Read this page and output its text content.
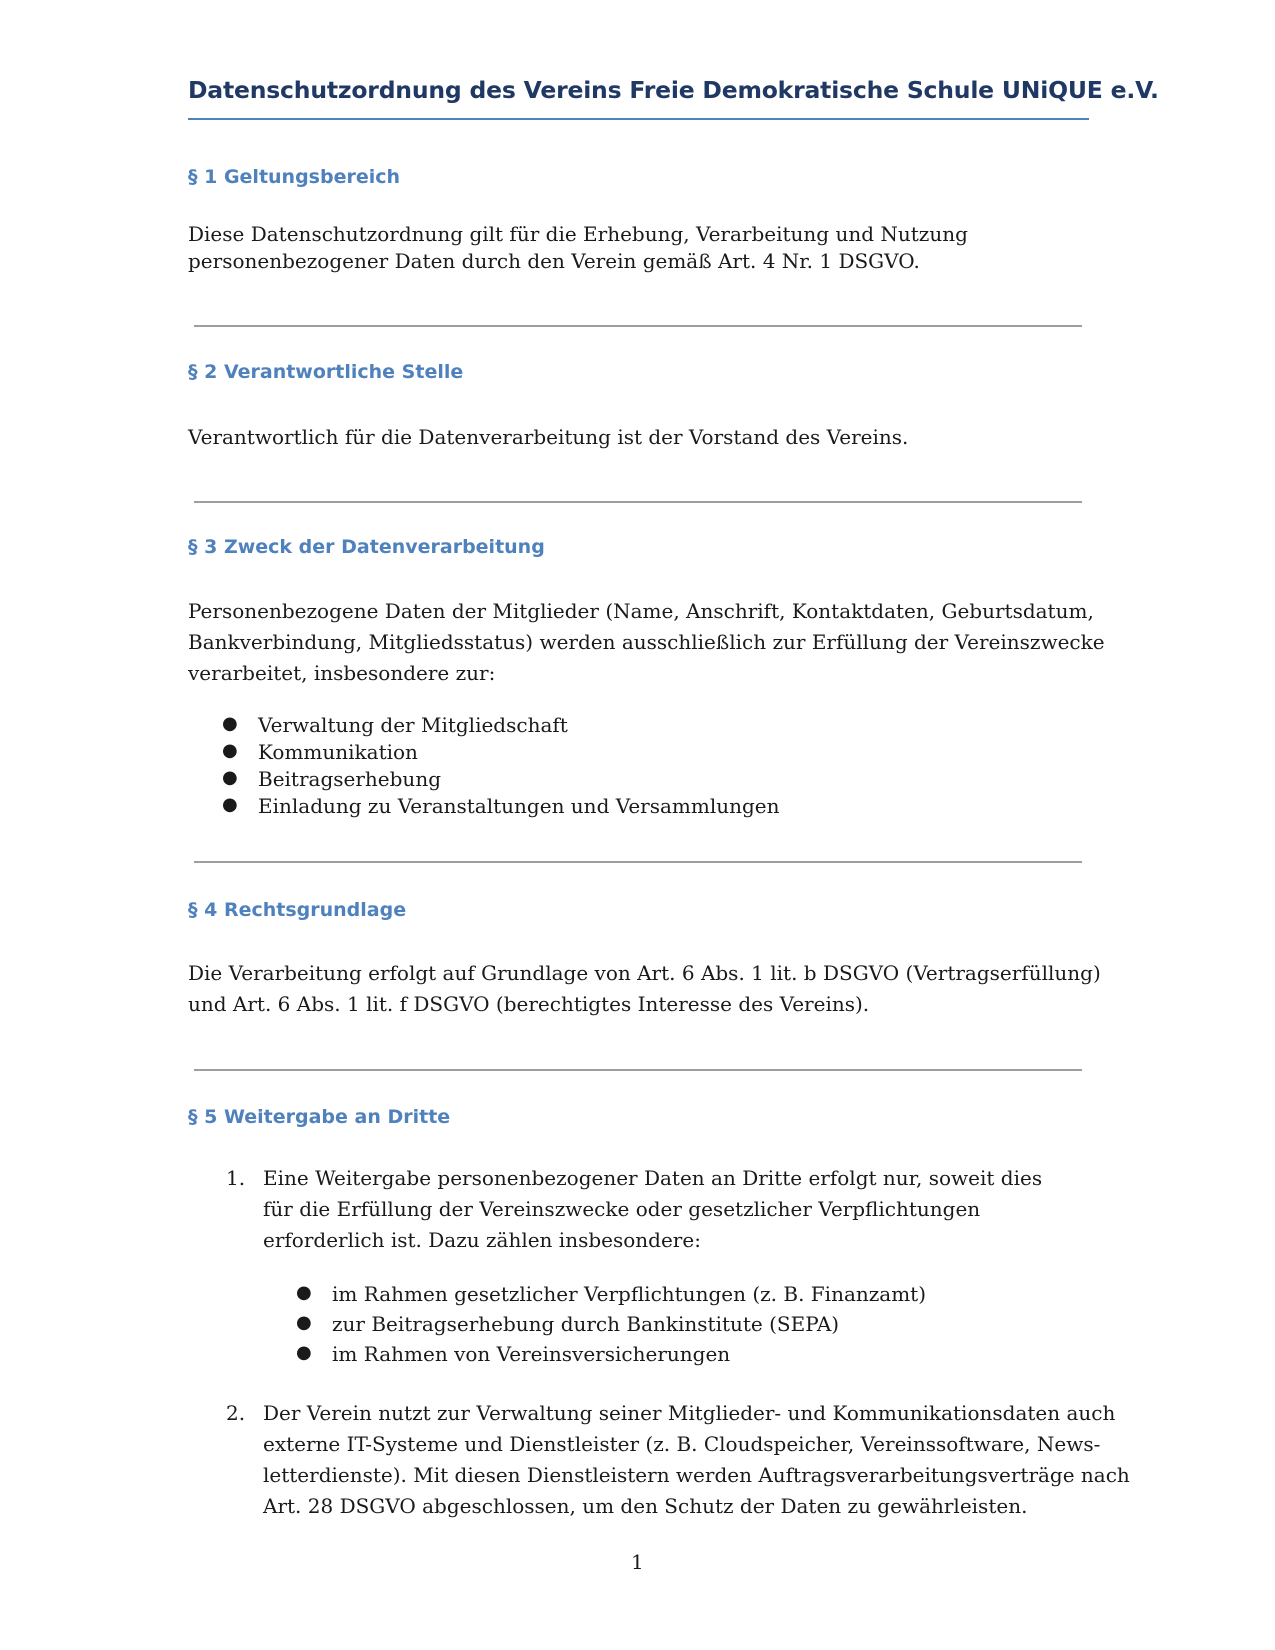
Datenschutzordnung des Vereins Freie Demokratische Schule UNiQUE e.V.
§ 1 Geltungsbereich
Diese Datenschutzordnung gilt für die Erhebung, Verarbeitung und Nutzung
personenbezogener Daten durch den Verein gemäß Art. 4 Nr. 1 DSGVO.
§ 2 Verantwortliche Stelle
Verantwortlich für die Datenverarbeitung ist der Vorstand des Vereins.
§ 3 Zweck der Datenverarbeitung
Personenbezogene Daten der Mitglieder (Name, Anschrift, Kontaktdaten, Geburtsdatum,
Bankverbindung, Mitgliedsstatus) werden ausschließlich zur Erfüllung der Vereinszwecke
verarbeitet, insbesondere zur:
● Verwaltung der Mitgliedschaft
● Kommunikation
● Beitragserhebung
● Einladung zu Veranstaltungen und Versammlungen
§ 4 Rechtsgrundlage
Die Verarbeitung erfolgt auf Grundlage von Art. 6 Abs. 1 lit. b DSGVO (Vertragserfüllung)
und Art. 6 Abs. 1 lit. f DSGVO (berechtigtes Interesse des Vereins).
§ 5 Weitergabe an Dritte
1. Eine Weitergabe personenbezogener Daten an Dritte erfolgt nur, soweit dies
für die Erfüllung der Vereinszwecke oder gesetzlicher Verpflichtungen
erforderlich ist. Dazu zählen insbesondere:
● im Rahmen gesetzlicher Verpflichtungen (z. B. Finanzamt)
● zur Beitragserhebung durch Bankinstitute (SEPA)
● im Rahmen von Vereinsversicherungen
2. Der Verein nutzt zur Verwaltung seiner Mitglieder- und Kommunikationsdaten auch
externe IT-Systeme und Dienstleister (z. B. Cloudspeicher, Vereinssoftware, News-
letterdienste). Mit diesen Dienstleistern werden Auftragsverarbeitungsverträge nach
Art. 28 DSGVO abgeschlossen, um den Schutz der Daten zu gewährleisten.
1
